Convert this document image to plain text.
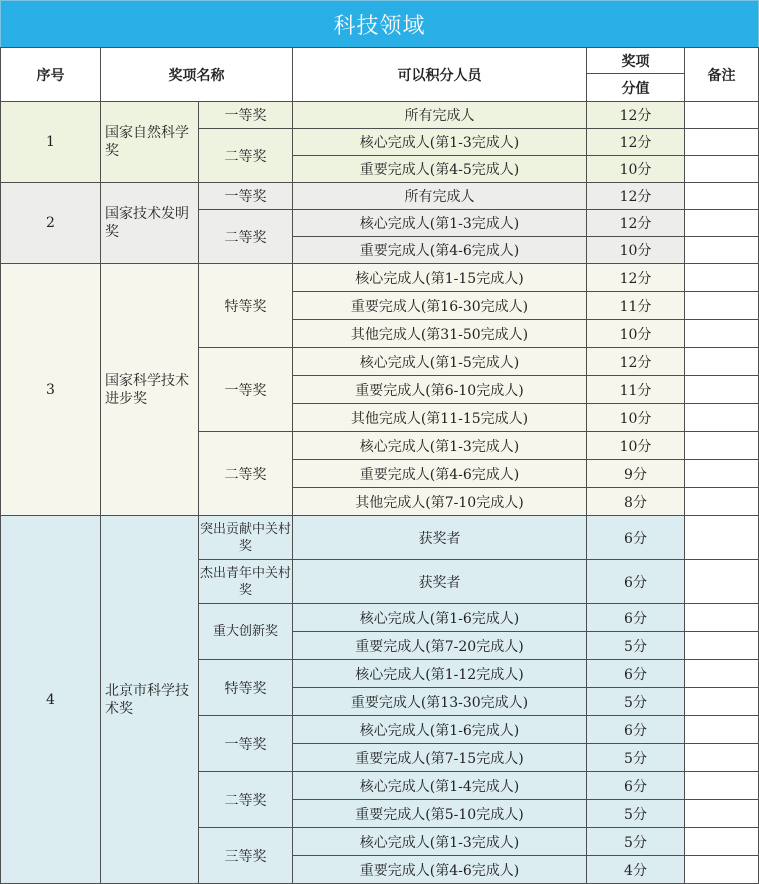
科技领域
序号	奖项名称		可以积分人员	奖项	备注
				分值	
1	国家自然科学奖	一等奖	所有完成人	12分	
		二等奖	核心完成人(第1-3完成人)	12分	
			重要完成人(第4-5完成人)	10分	
2	国家技术发明奖	一等奖	所有完成人	12分	
		二等奖	核心完成人(第1-3完成人)	12分	
			重要完成人(第4-6完成人)	10分	
3	国家科学技术进步奖	特等奖	核心完成人(第1-15完成人)	12分	
			重要完成人(第16-30完成人)	11分	
			其他完成人(第31-50完成人)	10分	
		一等奖	核心完成人(第1-5完成人)	12分	
			重要完成人(第6-10完成人)	11分	
			其他完成人(第11-15完成人)	10分	
		二等奖	核心完成人(第1-3完成人)	10分	
			重要完成人(第4-6完成人)	9分	
			其他完成人(第7-10完成人)	8分	
4	北京市科学技术奖	突出贡献中关村奖	获奖者	6分	
		杰出青年中关村奖	获奖者	6分	
		重大创新奖	核心完成人(第1-6完成人)	6分	
			重要完成人(第7-20完成人)	5分	
		特等奖	核心完成人(第1-12完成人)	6分	
			重要完成人(第13-30完成人)	5分	
		一等奖	核心完成人(第1-6完成人)	6分	
			重要完成人(第7-15完成人)	5分	
		二等奖	核心完成人(第1-4完成人)	6分	
			重要完成人(第5-10完成人)	5分	
		三等奖	核心完成人(第1-3完成人)	5分	
			重要完成人(第4-6完成人)	4分	
